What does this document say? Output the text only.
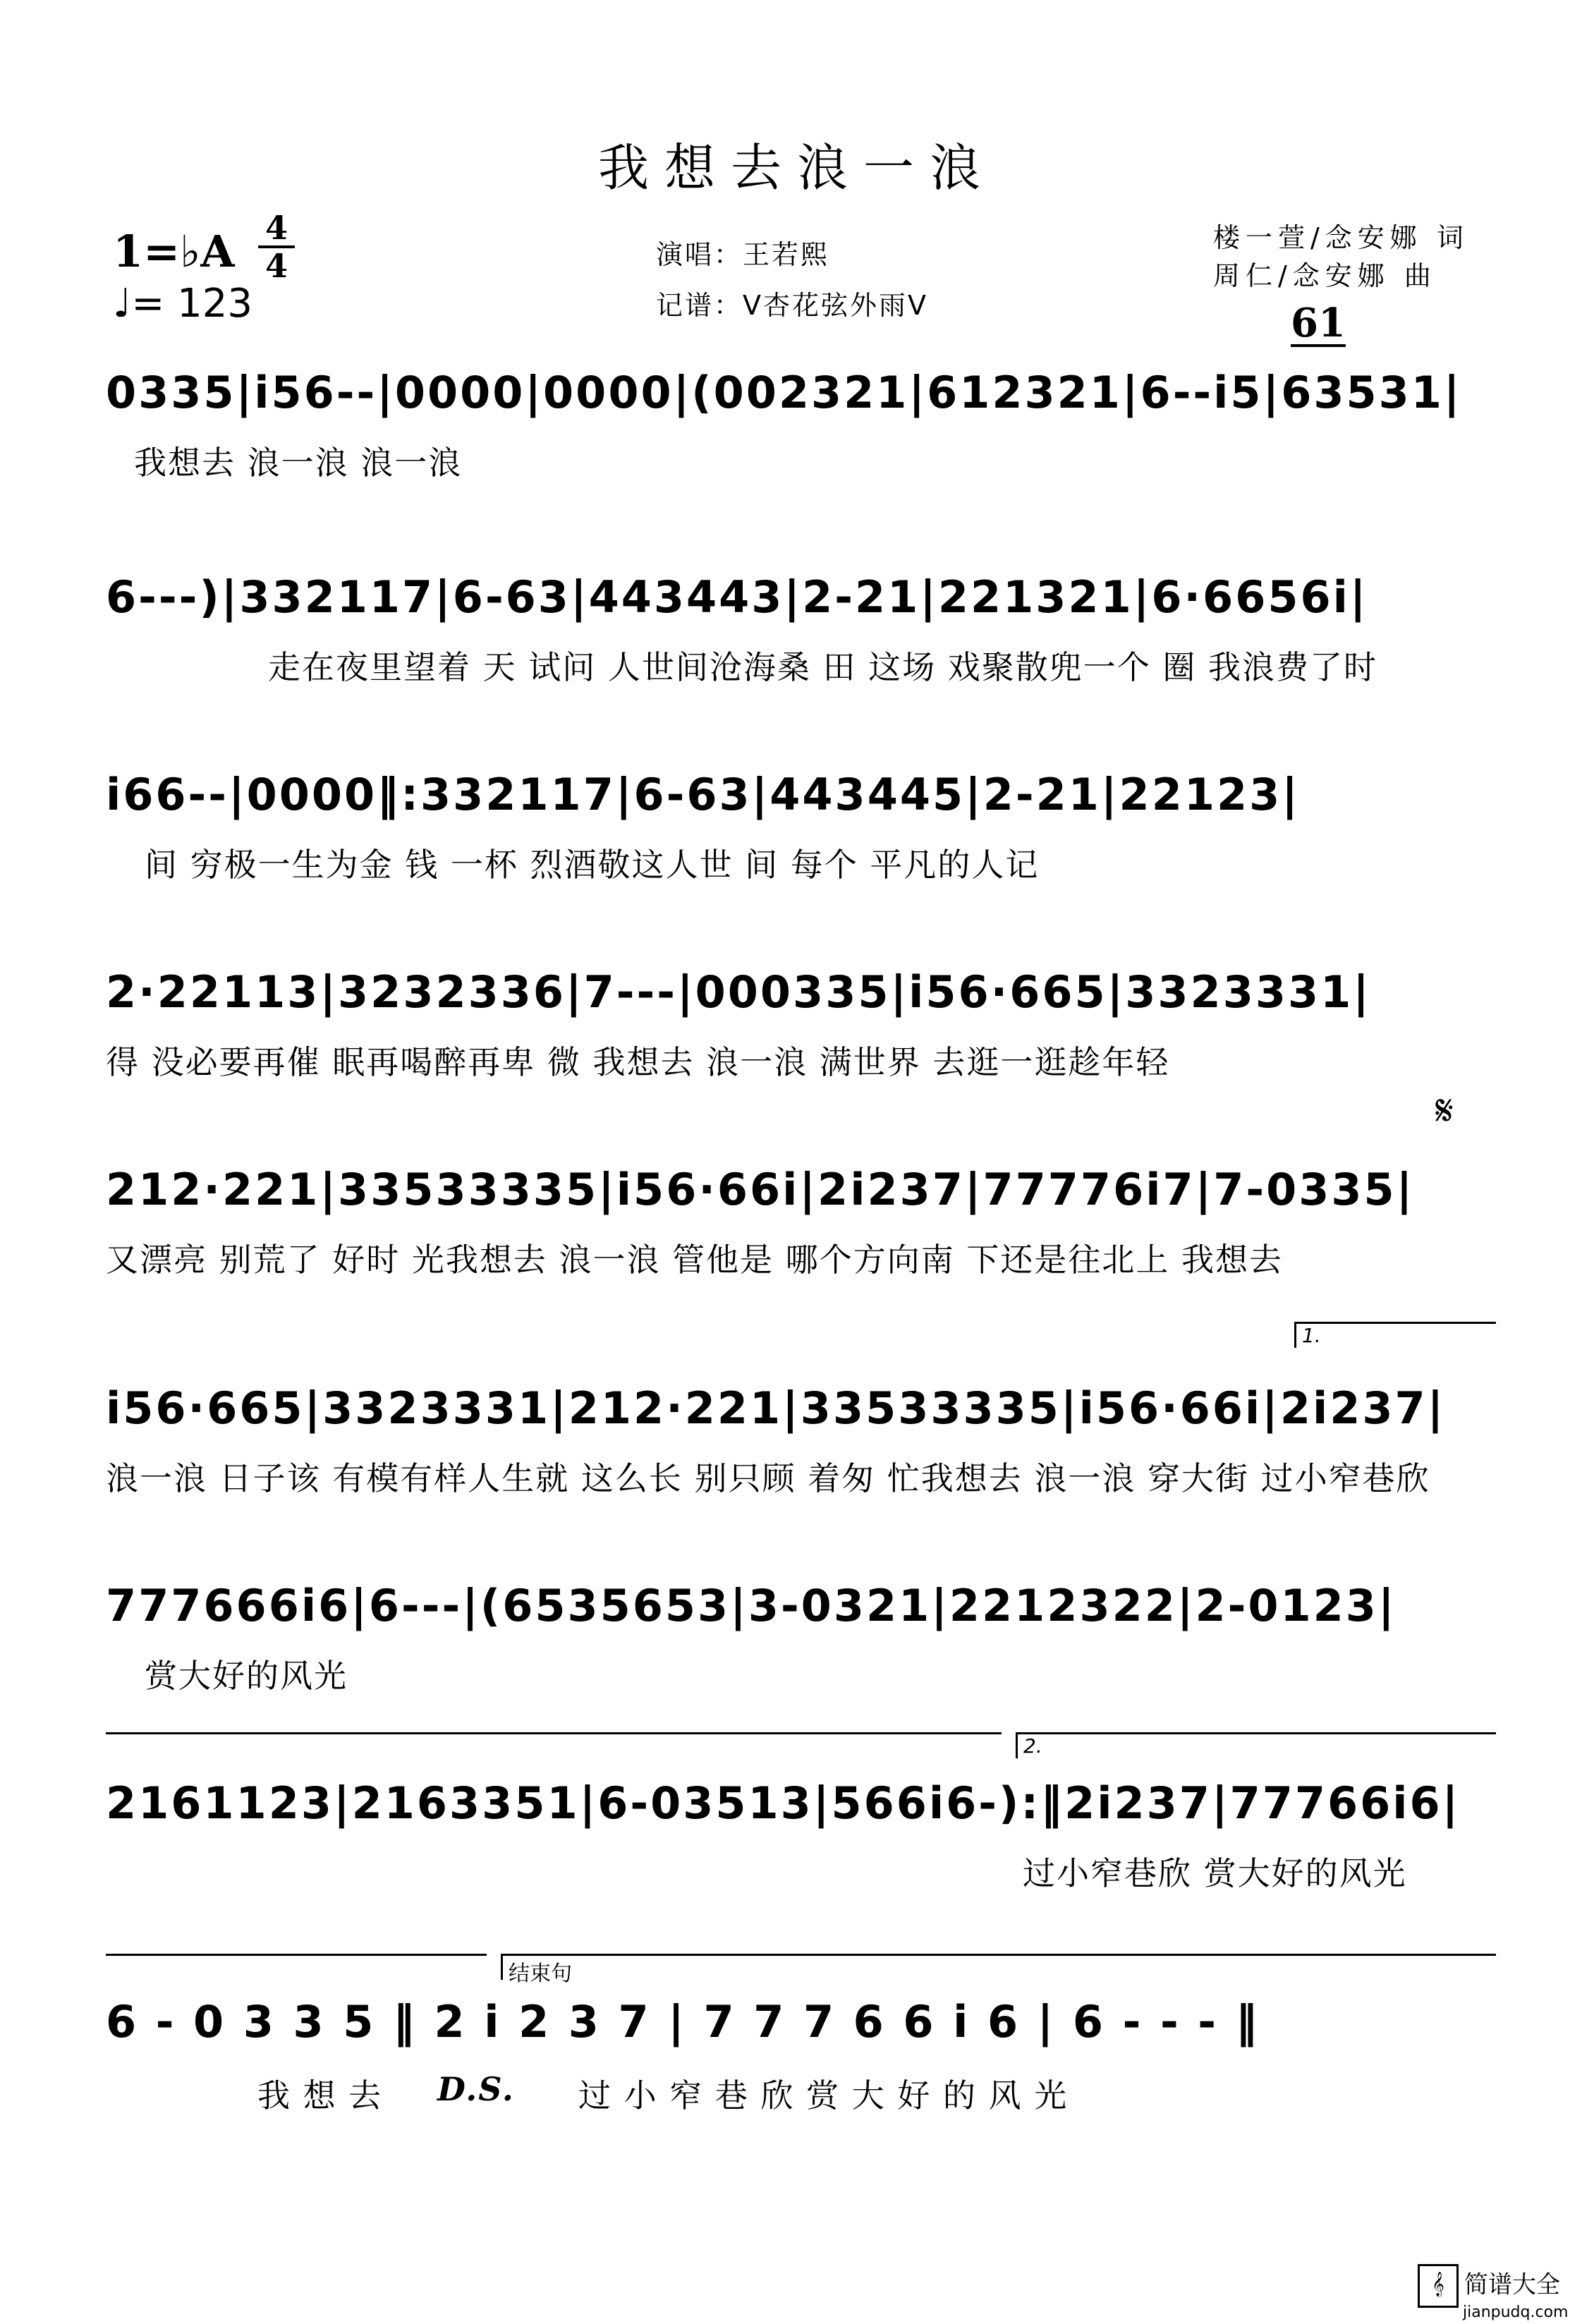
我想去浪一浪
1=♭A 4
4
♩= 123
演唱：王若熙
记谱：V杏花弦外雨V
楼一萱/念安娜 词
周仁/念安娜 曲
61
0335|i56--|0000|0000|(002321|612321|6--i5|63531|
我想去 浪一浪 浪一浪
6---)|332117|6-63|443443|2-21|221321|6·6656i|
走在夜里望着 天 试问 人世间沧海桑 田 这场 戏聚散兜一个 圈 我浪费了时
i66--|0000‖:332117|6-63|443445|2-21|22123|
间 穷极一生为金 钱 一杯 烈酒敬这人世 间 每个 平凡的人记
2·22113|3232336|7---|000335|i56·665|3323331|
得 没必要再催 眠再喝醉再卑 微 我想去 浪一浪 满世界 去逛一逛趁年轻
𝄋
212·221|33533335|i56·66i|2i237|77776i7|7-0335|
又漂亮 别荒了 好时 光我想去 浪一浪 管他是 哪个方向南 下还是往北上 我想去
1.
i56·665|3323331|212·221|33533335|i56·66i|2i237|
浪一浪 日子该 有模有样人生就 这么长 别只顾 着匆 忙我想去 浪一浪 穿大街 过小窄巷欣
777666i6|6---|(6535653|3-0321|2212322|2-0123|
赏大好的风光
2.
2161123|2163351|6-03513|566i6-):‖2i237|77766i6|
过小窄巷欣 赏大好的风光
结束句
6 - 0 3 3 5 ‖ 2 i 2 3 7 | 7 7 7 6 6 i 6 | 6 - - - ‖
我 想 去 D.S. 过 小 窄 巷 欣 赏 大 好 的 风 光
𝄞 简谱大全
jianpudq.com
